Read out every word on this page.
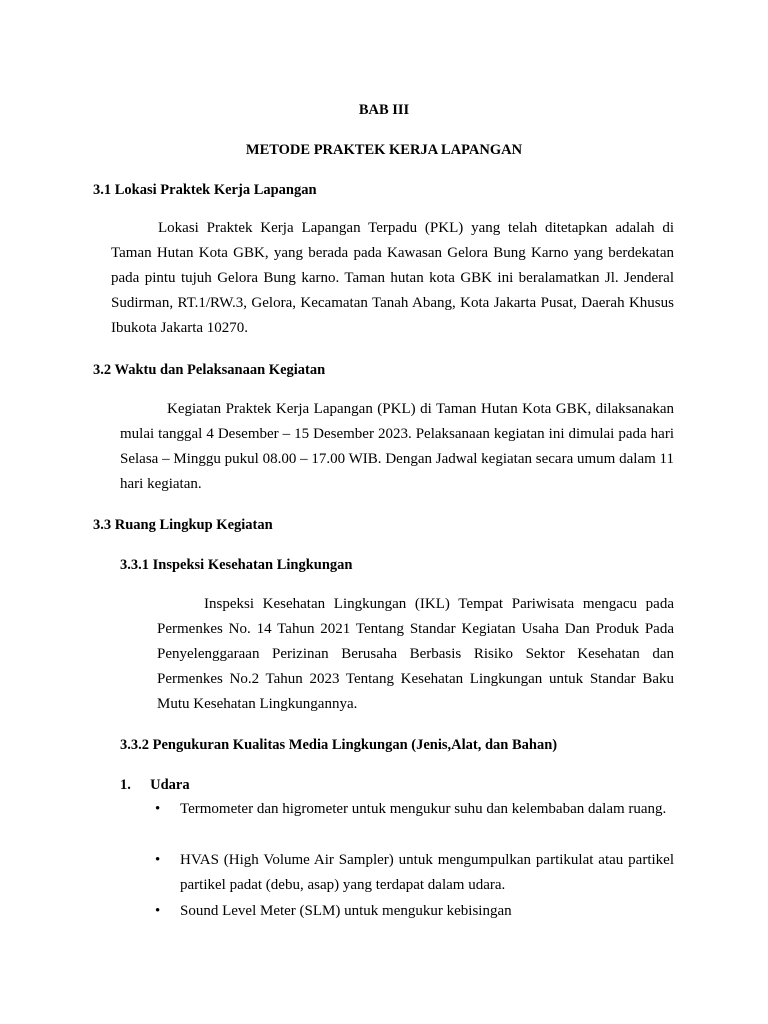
BAB III
METODE PRAKTEK KERJA LAPANGAN
3.1 Lokasi Praktek Kerja Lapangan

Lokasi Praktek Kerja Lapangan Terpadu (PKL) yang telah ditetapkan adalah di Taman Hutan Kota GBK, yang berada pada Kawasan Gelora Bung Karno yang berdekatan pada pintu tujuh Gelora Bung karno. Taman hutan kota GBK ini beralamatkan Jl. Jenderal Sudirman, RT.1/RW.3, Gelora, Kecamatan Tanah Abang, Kota Jakarta Pusat, Daerah Khusus Ibukota Jakarta 10270.

3.2 Waktu dan Pelaksanaan Kegiatan

Kegiatan Praktek Kerja Lapangan (PKL) di Taman Hutan Kota GBK, dilaksanakan mulai tanggal 4 Desember – 15 Desember 2023. Pelaksanaan kegiatan ini dimulai pada hari Selasa – Minggu pukul 08.00 – 17.00 WIB. Dengan Jadwal kegiatan secara umum dalam 11 hari kegiatan.

3.3 Ruang Lingkup Kegiatan
3.3.1 Inspeksi Kesehatan Lingkungan

Inspeksi Kesehatan Lingkungan (IKL) Tempat Pariwisata mengacu pada Permenkes No. 14 Tahun 2021 Tentang Standar Kegiatan Usaha Dan Produk Pada Penyelenggaraan Perizinan Berusaha Berbasis Risiko Sektor Kesehatan dan Permenkes No.2 Tahun 2023 Tentang Kesehatan Lingkungan untuk Standar Baku Mutu Kesehatan Lingkungannya.

3.3.2 Pengukuran Kualitas Media Lingkungan (Jenis,Alat, dan Bahan)
1. Udara
• Termometer dan higrometer untuk mengukur suhu dan kelembaban dalam ruang.

• HVAS (High Volume Air Sampler) untuk mengumpulkan partikulat atau partikel partikel padat (debu, asap) yang terdapat dalam udara.

• Sound Level Meter (SLM) untuk mengukur kebisingan
